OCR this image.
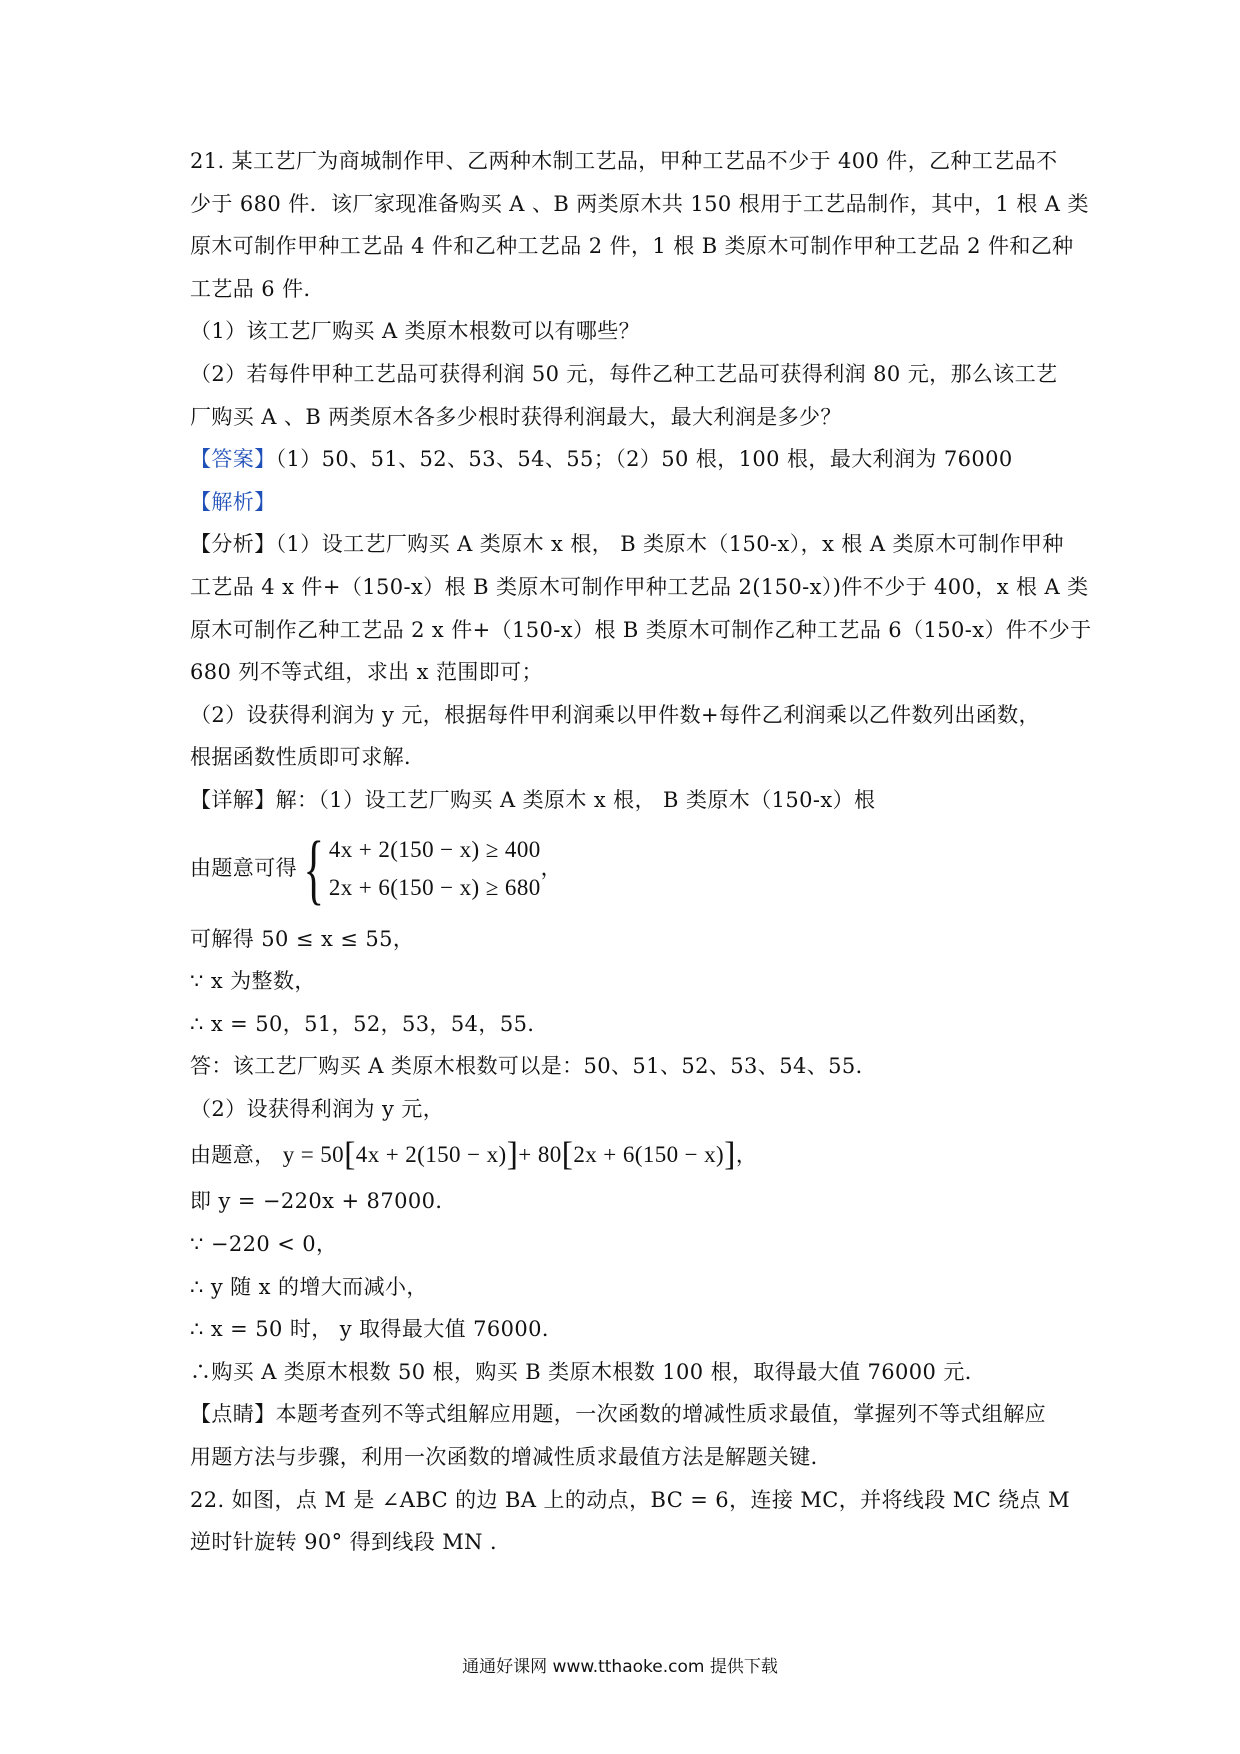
21. 某工艺厂为商城制作甲、乙两种木制工艺品，甲种工艺品不少于 400 件，乙种工艺品不
少于 680 件．该厂家现准备购买 A 、B 两类原木共 150 根用于工艺品制作，其中，1 根 A 类
原木可制作甲种工艺品 4 件和乙种工艺品 2 件，1 根 B 类原木可制作甲种工艺品 2 件和乙种
工艺品 6 件．
（1）该工艺厂购买 A 类原木根数可以有哪些？
（2）若每件甲种工艺品可获得利润 50 元，每件乙种工艺品可获得利润 80 元，那么该工艺
厂购买 A 、B 两类原木各多少根时获得利润最大，最大利润是多少？
【答案】（1）50、51、52、53、54、55；（2）50 根，100 根，最大利润为 76000
【解析】
【分析】（1）设工艺厂购买 A 类原木 x 根， B 类原木（150-x），x 根 A 类原木可制作甲种
工艺品 4 x 件+（150-x）根 B 类原木可制作甲种工艺品 2(150-x）)件不少于 400，x 根 A 类
原木可制作乙种工艺品 2 x 件+（150-x）根 B 类原木可制作乙种工艺品 6（150-x）件不少于
680 列不等式组，求出 x 范围即可；
（2）设获得利润为 y 元，根据每件甲利润乘以甲件数+每件乙利润乘以乙件数列出函数，
根据函数性质即可求解．
【详解】解：（1）设工艺厂购买 A 类原木 x 根， B 类原木（150-x）根
由题意可得 { 4x + 2(150 − x) ≥ 400
2x + 6(150 − x) ≥ 680
，
可解得 50 ≤ x ≤ 55，
∵ x 为整数，
∴ x = 50，51，52，53，54，55．
答：该工艺厂购买 A 类原木根数可以是：50、51、52、53、54、55．
（2）设获得利润为 y 元，
由题意， y = 50[4x + 2(150 − x)]+ 80[2x + 6(150 − x)]，
即 y = −220x + 87000．
∵ −220 < 0，
∴ y 随 x 的增大而减小，
∴ x = 50 时， y 取得最大值 76000．
∴购买 A 类原木根数 50 根，购买 B 类原木根数 100 根，取得最大值 76000 元．
【点睛】本题考查列不等式组解应用题，一次函数的增减性质求最值，掌握列不等式组解应
用题方法与步骤，利用一次函数的增减性质求最值方法是解题关键．
22. 如图，点 M 是 ∠ABC 的边 BA 上的动点，BC = 6，连接 MC，并将线段 MC 绕点 M
逆时针旋转 90° 得到线段 MN ．
通通好课网 www.tthaoke.com 提供下载
